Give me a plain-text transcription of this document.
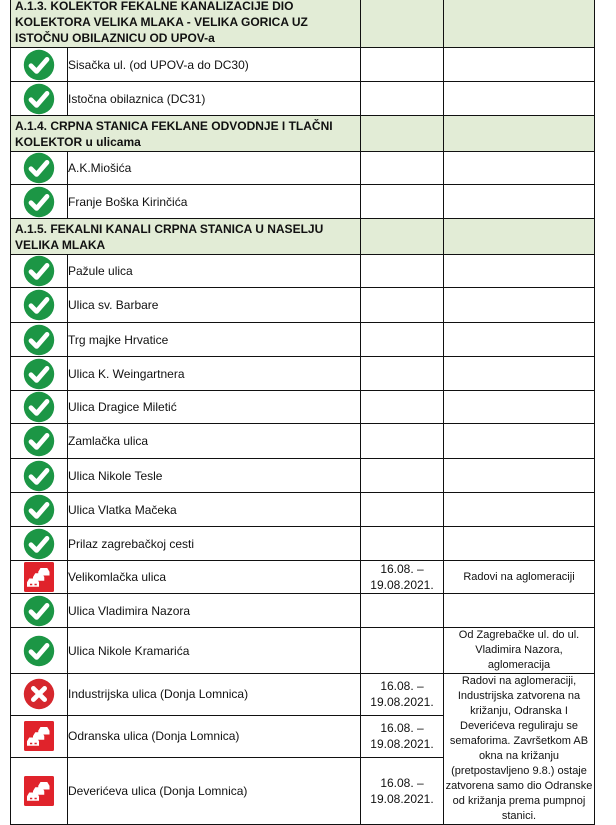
A.1.3. KOLEKTOR FEKALNE KANALIZACIJE DIO KOLEKTORA VELIKA MLAKA - VELIKA GORICA UZ ISTOČNU OBILAZNICU OD UPOV-a			
	Sisačka ul. (od UPOV-a do DC30)		
	Istočna obilaznica (DC31)		
A.1.4. CRPNA STANICA FEKLANE ODVODNJE I TLAČNI KOLEKTOR u ulicama			
	A.K.Miošića		
	Franje Boška Kirinčića		
A.1.5. FEKALNI KANALI CRPNA STANICA U NASELJU VELIKA MLAKA			
	Pažule ulica		
	Ulica sv. Barbare		
	Trg majke Hrvatice		
	Ulica K. Weingartnera		
	Ulica Dragice Miletić		
	Zamlačka ulica		
	Ulica Nikole Tesle		
	Ulica Vlatka Mačeka		
	Prilaz zagrebačkoj cesti		
	Velikomlačka ulica	16.08. –
19.08.2021.	Radovi na aglomeraciji
	Ulica Vladimira Nazora		
	Ulica Nikole Kramarića		Od Zagrebačke ul. do ul. Vladimira Nazora, aglomeracija
	Industrijska ulica (Donja Lomnica)	16.08. –
19.08.2021.	Radovi na aglomeraciji, Industrijska zatvorena na križanju, Odranska I Deverićeva reguliraju se semaforima. Završetkom AB okna na križanju (pretpostavljeno 9.8.) ostaje zatvorena samo dio Odranske od križanja prema pumpnoj stanici.
	Odranska ulica (Donja Lomnica)	16.08. –
19.08.2021.	
	Deverićeva ulica (Donja Lomnica)	16.08. –
19.08.2021.	
